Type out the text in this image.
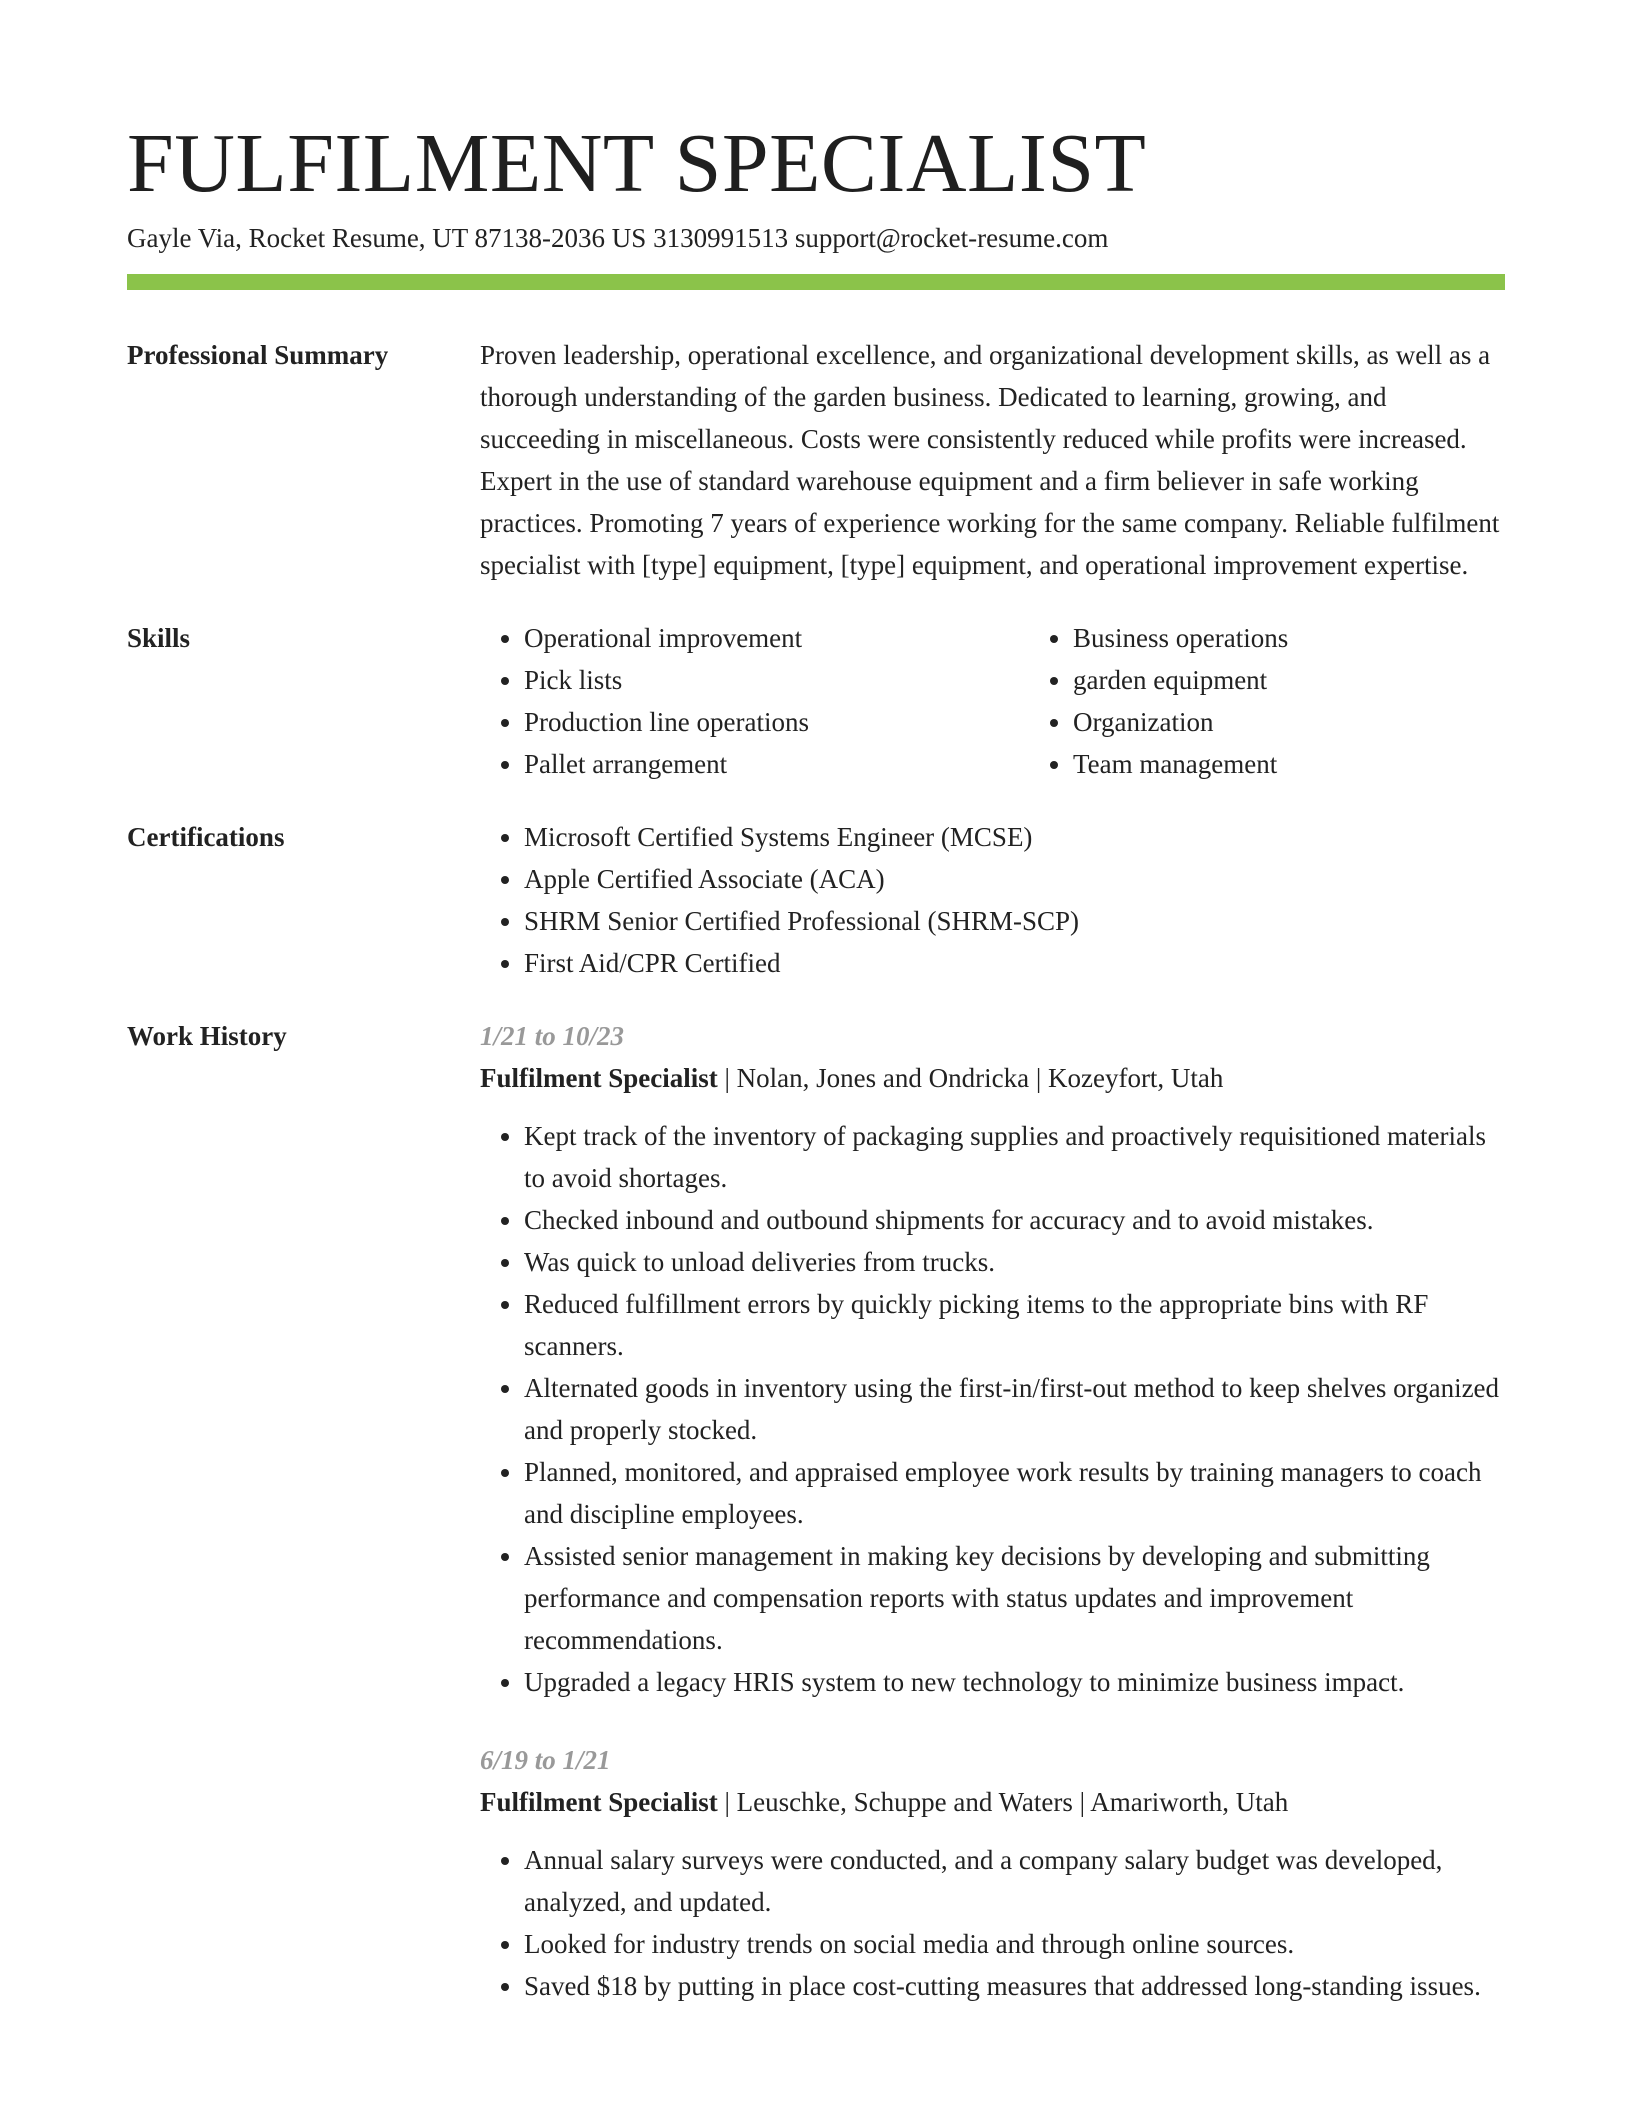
FULFILMENT SPECIALIST
Gayle Via, Rocket Resume, UT 87138-2036 US 3130991513 support@rocket-resume.com
Professional Summary	Proven leadership, operational excellence, and organizational development skills, as well as a thorough understanding of the garden business. Dedicated to learning, growing, and succeeding in miscellaneous. Costs were consistently reduced while profits were increased. Expert in the use of standard warehouse equipment and a firm believer in safe working practices. Promoting 7 years of experience working for the same company. Reliable fulfilment specialist with [type] equipment, [type] equipment, and operational improvement expertise.

Skills	• Operational improvement
• Pick lists
• Production line operations
• Pallet arrangement
• Business operations
• garden equipment
• Organization
• Team management
Certifications	• Microsoft Certified Systems Engineer (MCSE)
• Apple Certified Associate (ACA)
• SHRM Senior Certified Professional (SHRM-SCP)
• First Aid/CPR Certified
Work History	1/21 to 10/23
Fulfilment Specialist | Nolan, Jones and Ondricka | Kozeyfort, Utah
• Kept track of the inventory of packaging supplies and proactively requisitioned materials to avoid shortages.
• Checked inbound and outbound shipments for accuracy and to avoid mistakes.
• Was quick to unload deliveries from trucks.
• Reduced fulfillment errors by quickly picking items to the appropriate bins with RF scanners.
• Alternated goods in inventory using the first-in/first-out method to keep shelves organized and properly stocked.
• Planned, monitored, and appraised employee work results by training managers to coach and discipline employees.
• Assisted senior management in making key decisions by developing and submitting performance and compensation reports with status updates and improvement recommendations.
• Upgraded a legacy HRIS system to new technology to minimize business impact.
6/19 to 1/21
Fulfilment Specialist | Leuschke, Schuppe and Waters | Amariworth, Utah
• Annual salary surveys were conducted, and a company salary budget was developed, analyzed, and updated.
• Looked for industry trends on social media and through online sources.
• Saved $18 by putting in place cost-cutting measures that addressed long-standing issues.
